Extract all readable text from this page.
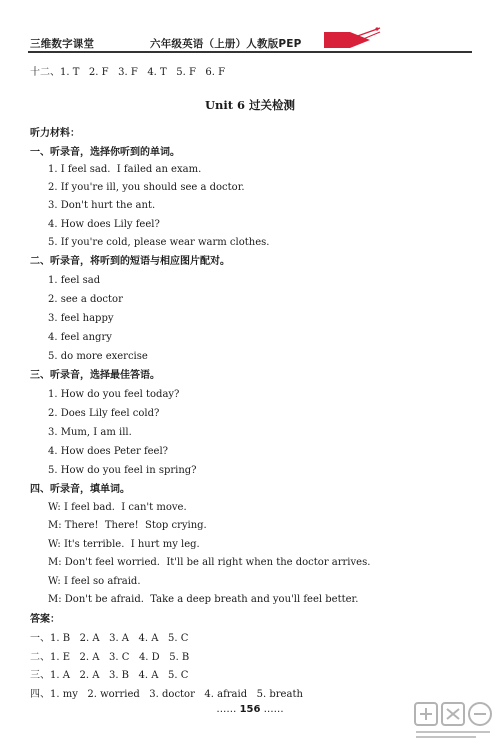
三维数字课堂	六年级英语（上册）人教版PEP
十二、1. T   2. F   3. F   4. T   5. F   6. F
Unit 6 过关检测
听力材料：
一、听录音，选择你听到的单词。
1. I feel sad.  I failed an exam.
2. If you're ill, you should see a doctor.
3. Don't hurt the ant.
4. How does Lily feel?
5. If you're cold, please wear warm clothes.
二、听录音，将听到的短语与相应图片配对。
1. feel sad
2. see a doctor
3. feel happy
4. feel angry
5. do more exercise
三、听录音，选择最佳答语。
1. How do you feel today?
2. Does Lily feel cold?
3. Mum, I am ill.
4. How does Peter feel?
5. How do you feel in spring?
四、听录音，填单词。
W: I feel bad.  I can't move.
M: There!  There!  Stop crying.
W: It's terrible.  I hurt my leg.
M: Don't feel worried.  It'll be all right when the doctor arrives.
W: I feel so afraid.
M: Don't be afraid.  Take a deep breath and you'll feel better.
答案：
一、1. B   2. A   3. A   4. A   5. C
二、1. E   2. A   3. C   4. D   5. B
三、1. A   2. A   3. B   4. A   5. C
四、1. my   2. worried   3. doctor   4. afraid   5. breath
…… 156 ……
